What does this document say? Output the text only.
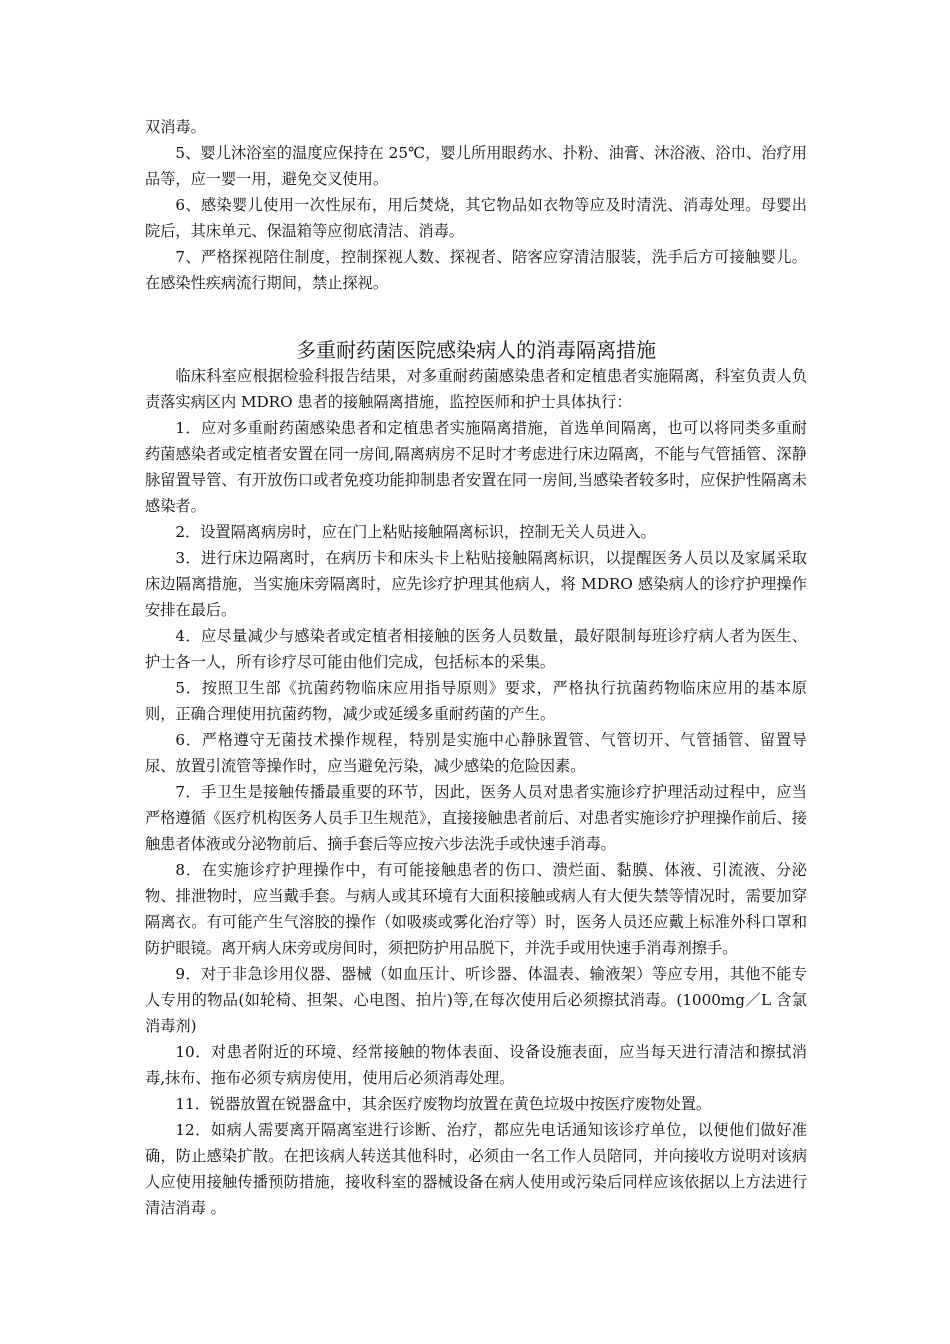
双消毒。

5、婴儿沐浴室的温度应保持在 25℃，婴儿所用眼药水、扑粉、油膏、沐浴液、浴巾、治疗用品等，应一婴一用，避免交叉使用。

6、感染婴儿使用一次性尿布，用后焚烧，其它物品如衣物等应及时清洗、消毒处理。母婴出院后，其床单元、保温箱等应彻底清洁、消毒。

7、严格探视陪住制度，控制探视人数、探视者、陪客应穿清洁服装，洗手后方可接触婴儿。在感染性疾病流行期间，禁止探视。

多重耐药菌医院感染病人的消毒隔离措施

临床科室应根据检验科报告结果，对多重耐药菌感染患者和定植患者实施隔离，科室负责人负责落实病区内 MDRO 患者的接触隔离措施，监控医师和护士具体执行：

1．应对多重耐药菌感染患者和定植患者实施隔离措施，首选单间隔离，也可以将同类多重耐药菌感染者或定植者安置在同一房间,隔离病房不足时才考虑进行床边隔离，不能与气管插管、深静脉留置导管、有开放伤口或者免疫功能抑制患者安置在同一房间,当感染者较多时，应保护性隔离未感染者。

2．设置隔离病房时，应在门上粘贴接触隔离标识，控制无关人员进入。

3．进行床边隔离时，在病历卡和床头卡上粘贴接触隔离标识，以提醒医务人员以及家属采取床边隔离措施，当实施床旁隔离时，应先诊疗护理其他病人，将 MDRO 感染病人的诊疗护理操作安排在最后。

4．应尽量减少与感染者或定植者相接触的医务人员数量，最好限制每班诊疗病人者为医生、护士各一人，所有诊疗尽可能由他们完成，包括标本的采集。

5．按照卫生部《抗菌药物临床应用指导原则》要求，严格执行抗菌药物临床应用的基本原则，正确合理使用抗菌药物，减少或延缓多重耐药菌的产生。

6．严格遵守无菌技术操作规程，特别是实施中心静脉置管、气管切开、气管插管、留置导尿、放置引流管等操作时，应当避免污染，减少感染的危险因素。

7．手卫生是接触传播最重要的环节，因此，医务人员对患者实施诊疗护理活动过程中，应当严格遵循《医疗机构医务人员手卫生规范》，直接接触患者前后、对患者实施诊疗护理操作前后、接触患者体液或分泌物前后、摘手套后等应按六步法洗手或快速手消毒。

8．在实施诊疗护理操作中，有可能接触患者的伤口、溃烂面、黏膜、体液、引流液、分泌物、排泄物时，应当戴手套。与病人或其环境有大面积接触或病人有大便失禁等情况时，需要加穿隔离衣。有可能产生气溶胶的操作（如吸痰或雾化治疗等）时，医务人员还应戴上标准外科口罩和防护眼镜。离开病人床旁或房间时，须把防护用品脱下，并洗手或用快速手消毒剂擦手。

9．对于非急诊用仪器、器械（如血压计、听诊器、体温表、输液架）等应专用，其他不能专人专用的物品(如轮椅、担架、心电图、拍片)等,在每次使用后必须擦拭消毒。(1000mg／L 含氯消毒剂)

10．对患者附近的环境、经常接触的物体表面、设备设施表面，应当每天进行清洁和擦拭消毒,抹布、拖布必须专病房使用，使用后必须消毒处理。

11．锐器放置在锐器盒中，其余医疗废物均放置在黄色垃圾中按医疗废物处置。

12．如病人需要离开隔离室进行诊断、治疗，都应先电话通知该诊疗单位，以便他们做好准确，防止感染扩散。在把该病人转送其他科时，必须由一名工作人员陪同，并向接收方说明对该病人应使用接触传播预防措施，接收科室的器械设备在病人使用或污染后同样应该依据以上方法进行清洁消毒 。
